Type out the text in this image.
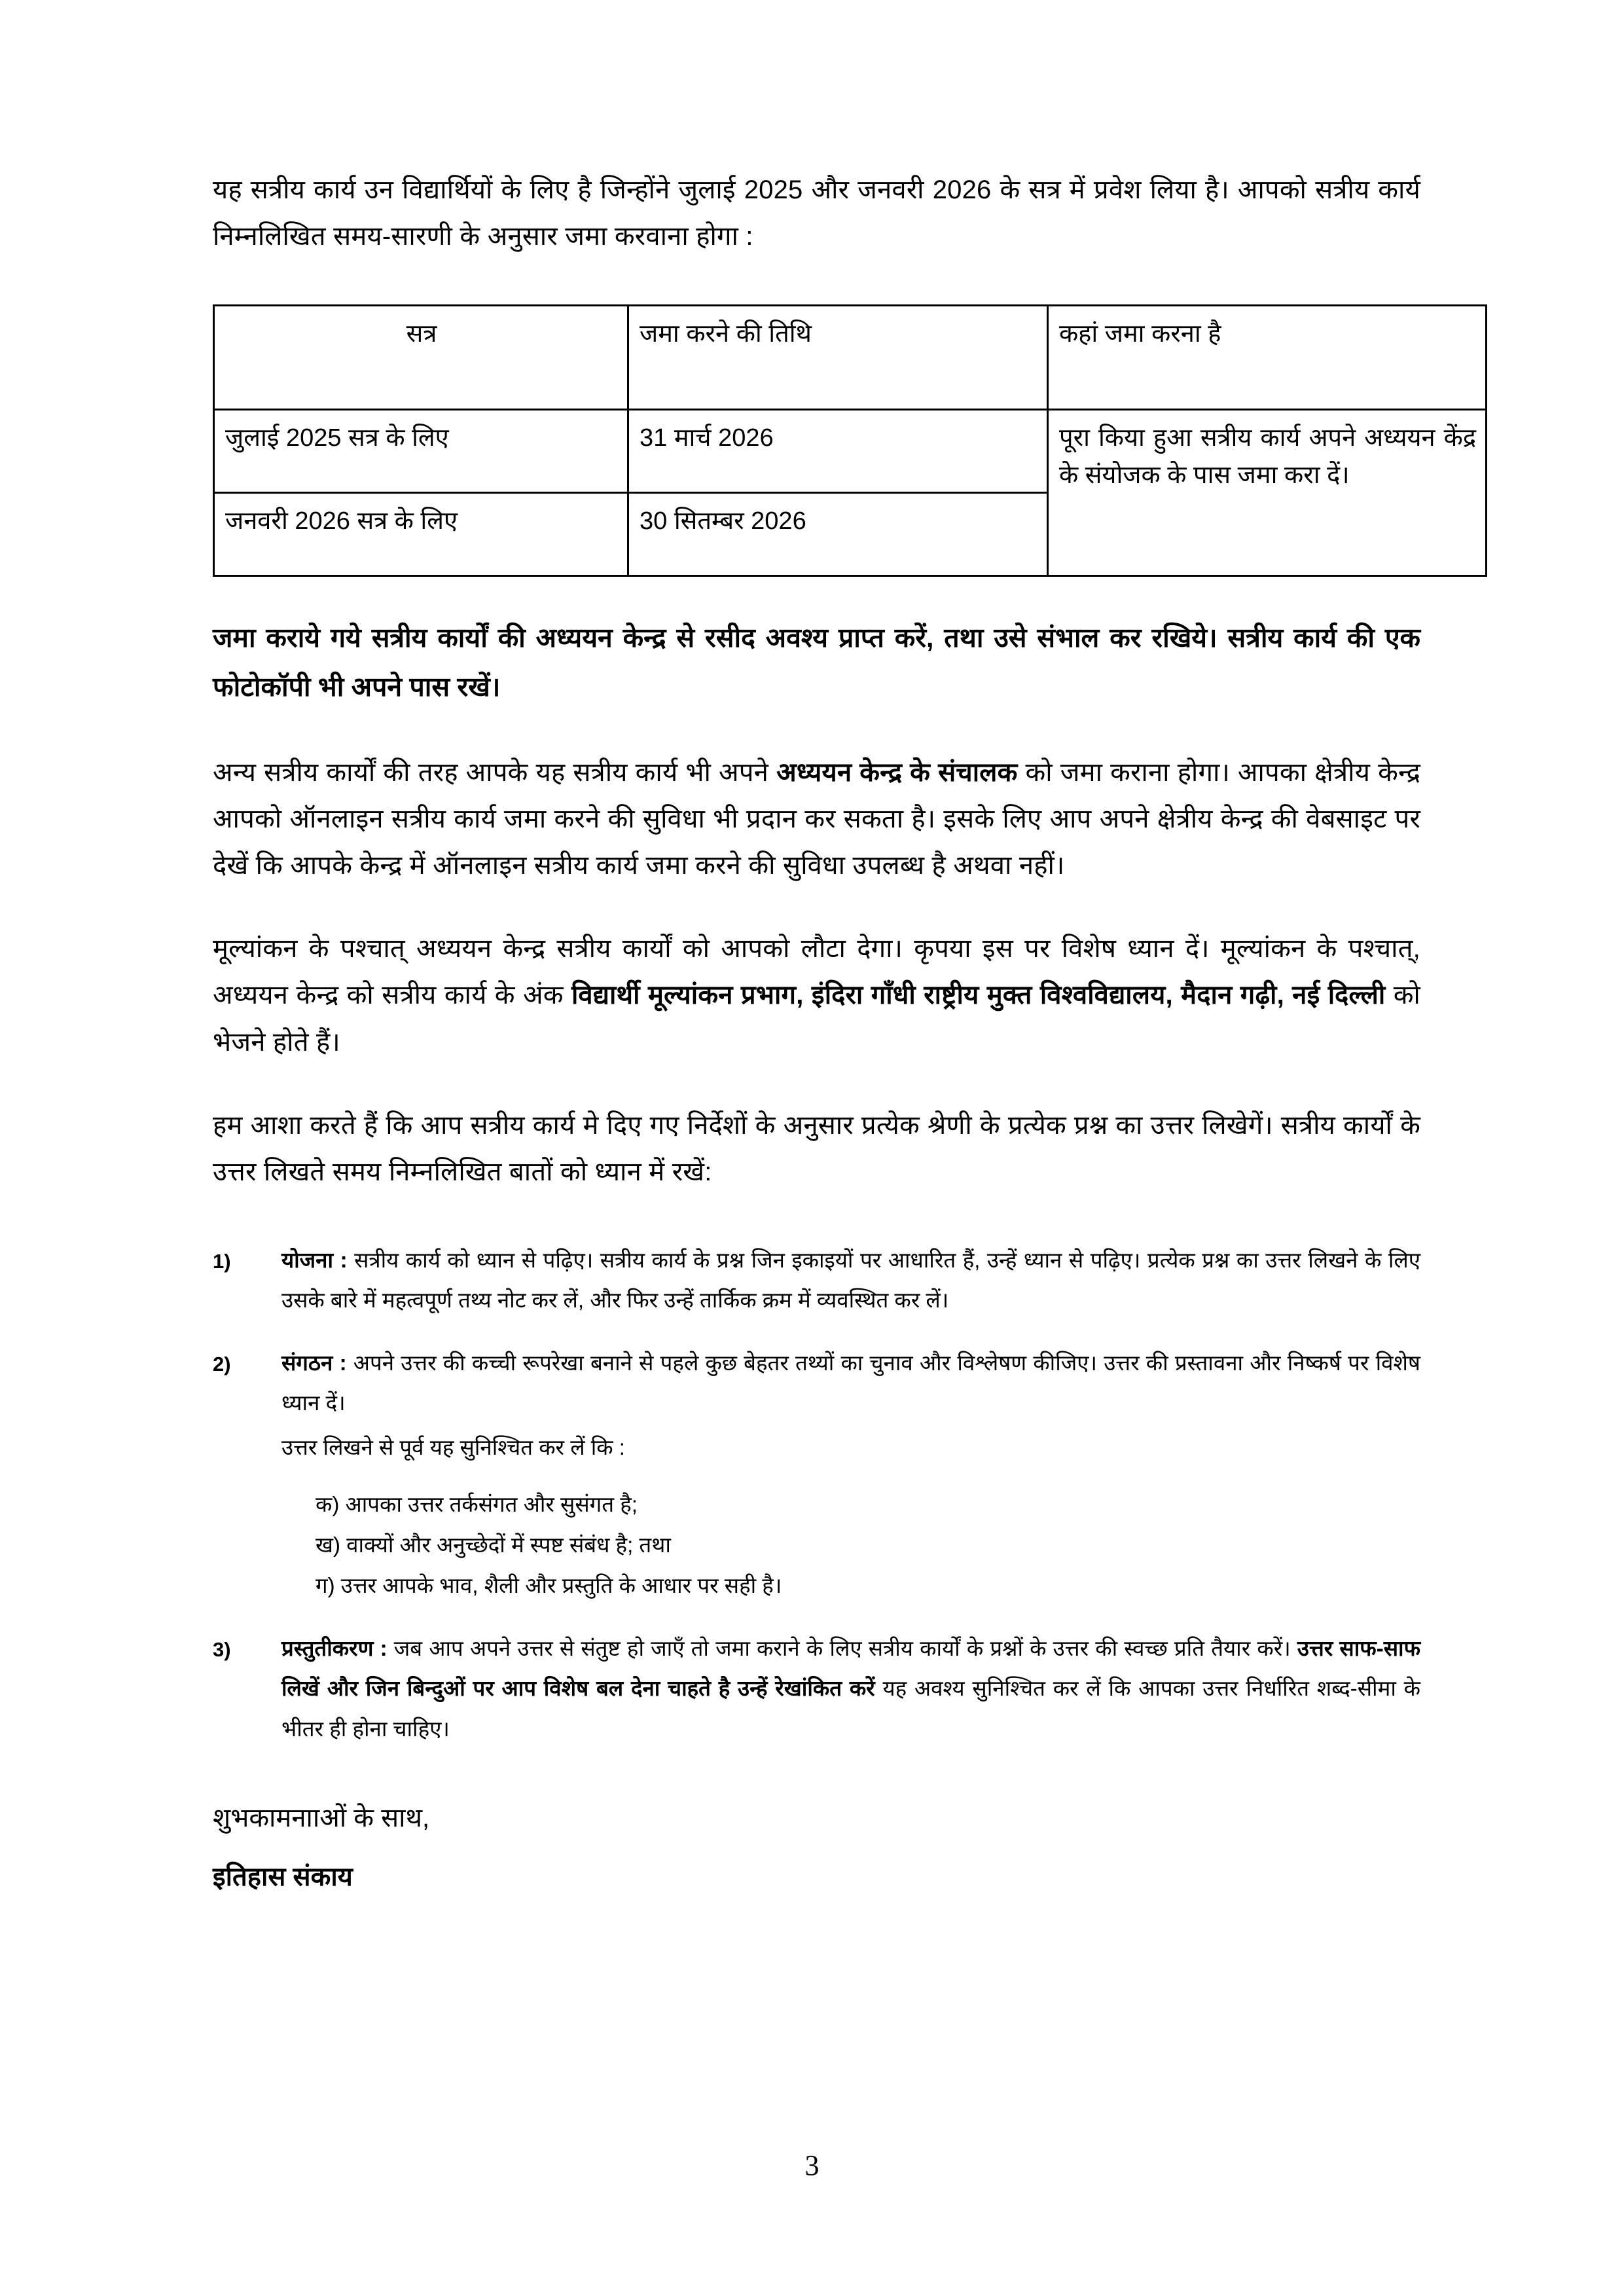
यह सत्रीय कार्य उन विद्यार्थियों के लिए है जिन्होंने जुलाई 2025 और जनवरी 2026 के सत्र में प्रवेश लिया है। आपको सत्रीय कार्य निम्नलिखित समय-सारणी के अनुसार जमा करवाना होगा :
सत्र	जमा करने की तिथि	कहां जमा करना है
जुलाई 2025 सत्र के लिए	31 मार्च 2026	पूरा किया हुआ सत्रीय कार्य अपने अध्ययन केंद्र के संयोजक के पास जमा करा दें।
जनवरी 2026 सत्र के लिए	30 सितम्बर 2026	
जमा कराये गये सत्रीय कार्यों की अध्ययन केन्द्र से रसीद अवश्य प्राप्त करें, तथा उसे संभाल कर रखिये। सत्रीय कार्य की एक फोटोकॉपी भी अपने पास रखें।
अन्य सत्रीय कार्यों की तरह आपके यह सत्रीय कार्य भी अपने अध्ययन केन्द्र के संचालक को जमा कराना होगा। आपका क्षेत्रीय केन्द्र आपको ऑनलाइन सत्रीय कार्य जमा करने की सुविधा भी प्रदान कर सकता है। इसके लिए आप अपने क्षेत्रीय केन्द्र की वेबसाइट पर देखें कि आपके केन्द्र में ऑनलाइन सत्रीय कार्य जमा करने की सुविधा उपलब्ध है अथवा नहीं।
मूल्यांकन के पश्चात् अध्ययन केन्द्र सत्रीय कार्यों को आपको लौटा देगा। कृपया इस पर विशेष ध्यान दें। मूल्यांकन के पश्चात्, अध्ययन केन्द्र को सत्रीय कार्य के अंक विद्यार्थी मूल्यांकन प्रभाग, इंदिरा गाँधी राष्ट्रीय मुक्त विश्वविद्यालय, मैदान गढ़ी, नई दिल्ली को भेजने होते हैं।
हम आशा करते हैं कि आप सत्रीय कार्य मे दिए गए निर्देशों के अनुसार प्रत्येक श्रेणी के प्रत्येक प्रश्न का उत्तर लिखेगें। सत्रीय कार्यों के उत्तर लिखते समय निम्नलिखित बातों को ध्यान में रखें:
1)	योजना : सत्रीय कार्य को ध्यान से पढ़िए। सत्रीय कार्य के प्रश्न जिन इकाइयों पर आधारित हैं, उन्हें ध्यान से पढ़िए। प्रत्येक प्रश्न का उत्तर लिखने के लिए उसके बारे में महत्वपूर्ण तथ्य नोट कर लें, और फिर उन्हें तार्किक क्रम में व्यवस्थित कर लें।

2)	संगठन : अपने उत्तर की कच्ची रूपरेखा बनाने से पहले कुछ बेहतर तथ्यों का चुनाव और विश्लेषण कीजिए। उत्तर की प्रस्तावना और निष्कर्ष पर विशेष ध्यान दें।

उत्तर लिखने से पूर्व यह सुनिश्चित कर लें कि :

क) आपका उत्तर तर्कसंगत और सुसंगत है;
ख) वाक्यों और अनुच्छेदों में स्पष्ट संबंध है; तथा
ग) उत्तर आपके भाव, शैली और प्रस्तुति के आधार पर सही है।
3)	प्रस्तुतीकरण : जब आप अपने उत्तर से संतुष्ट हो जाएँ तो जमा कराने के लिए सत्रीय कार्यों के प्रश्नों के उत्तर की स्वच्छ प्रति तैयार करें। उत्तर साफ-साफ लिखें और जिन बिन्दुओं पर आप विशेष बल देना चाहते है उन्हें रेखांकित करें यह अवश्य सुनिश्चित कर लें कि आपका उत्तर निर्धारित शब्द-सीमा के भीतर ही होना चाहिए।

शुभकामनााओं के साथ,
इतिहास संकाय
3
